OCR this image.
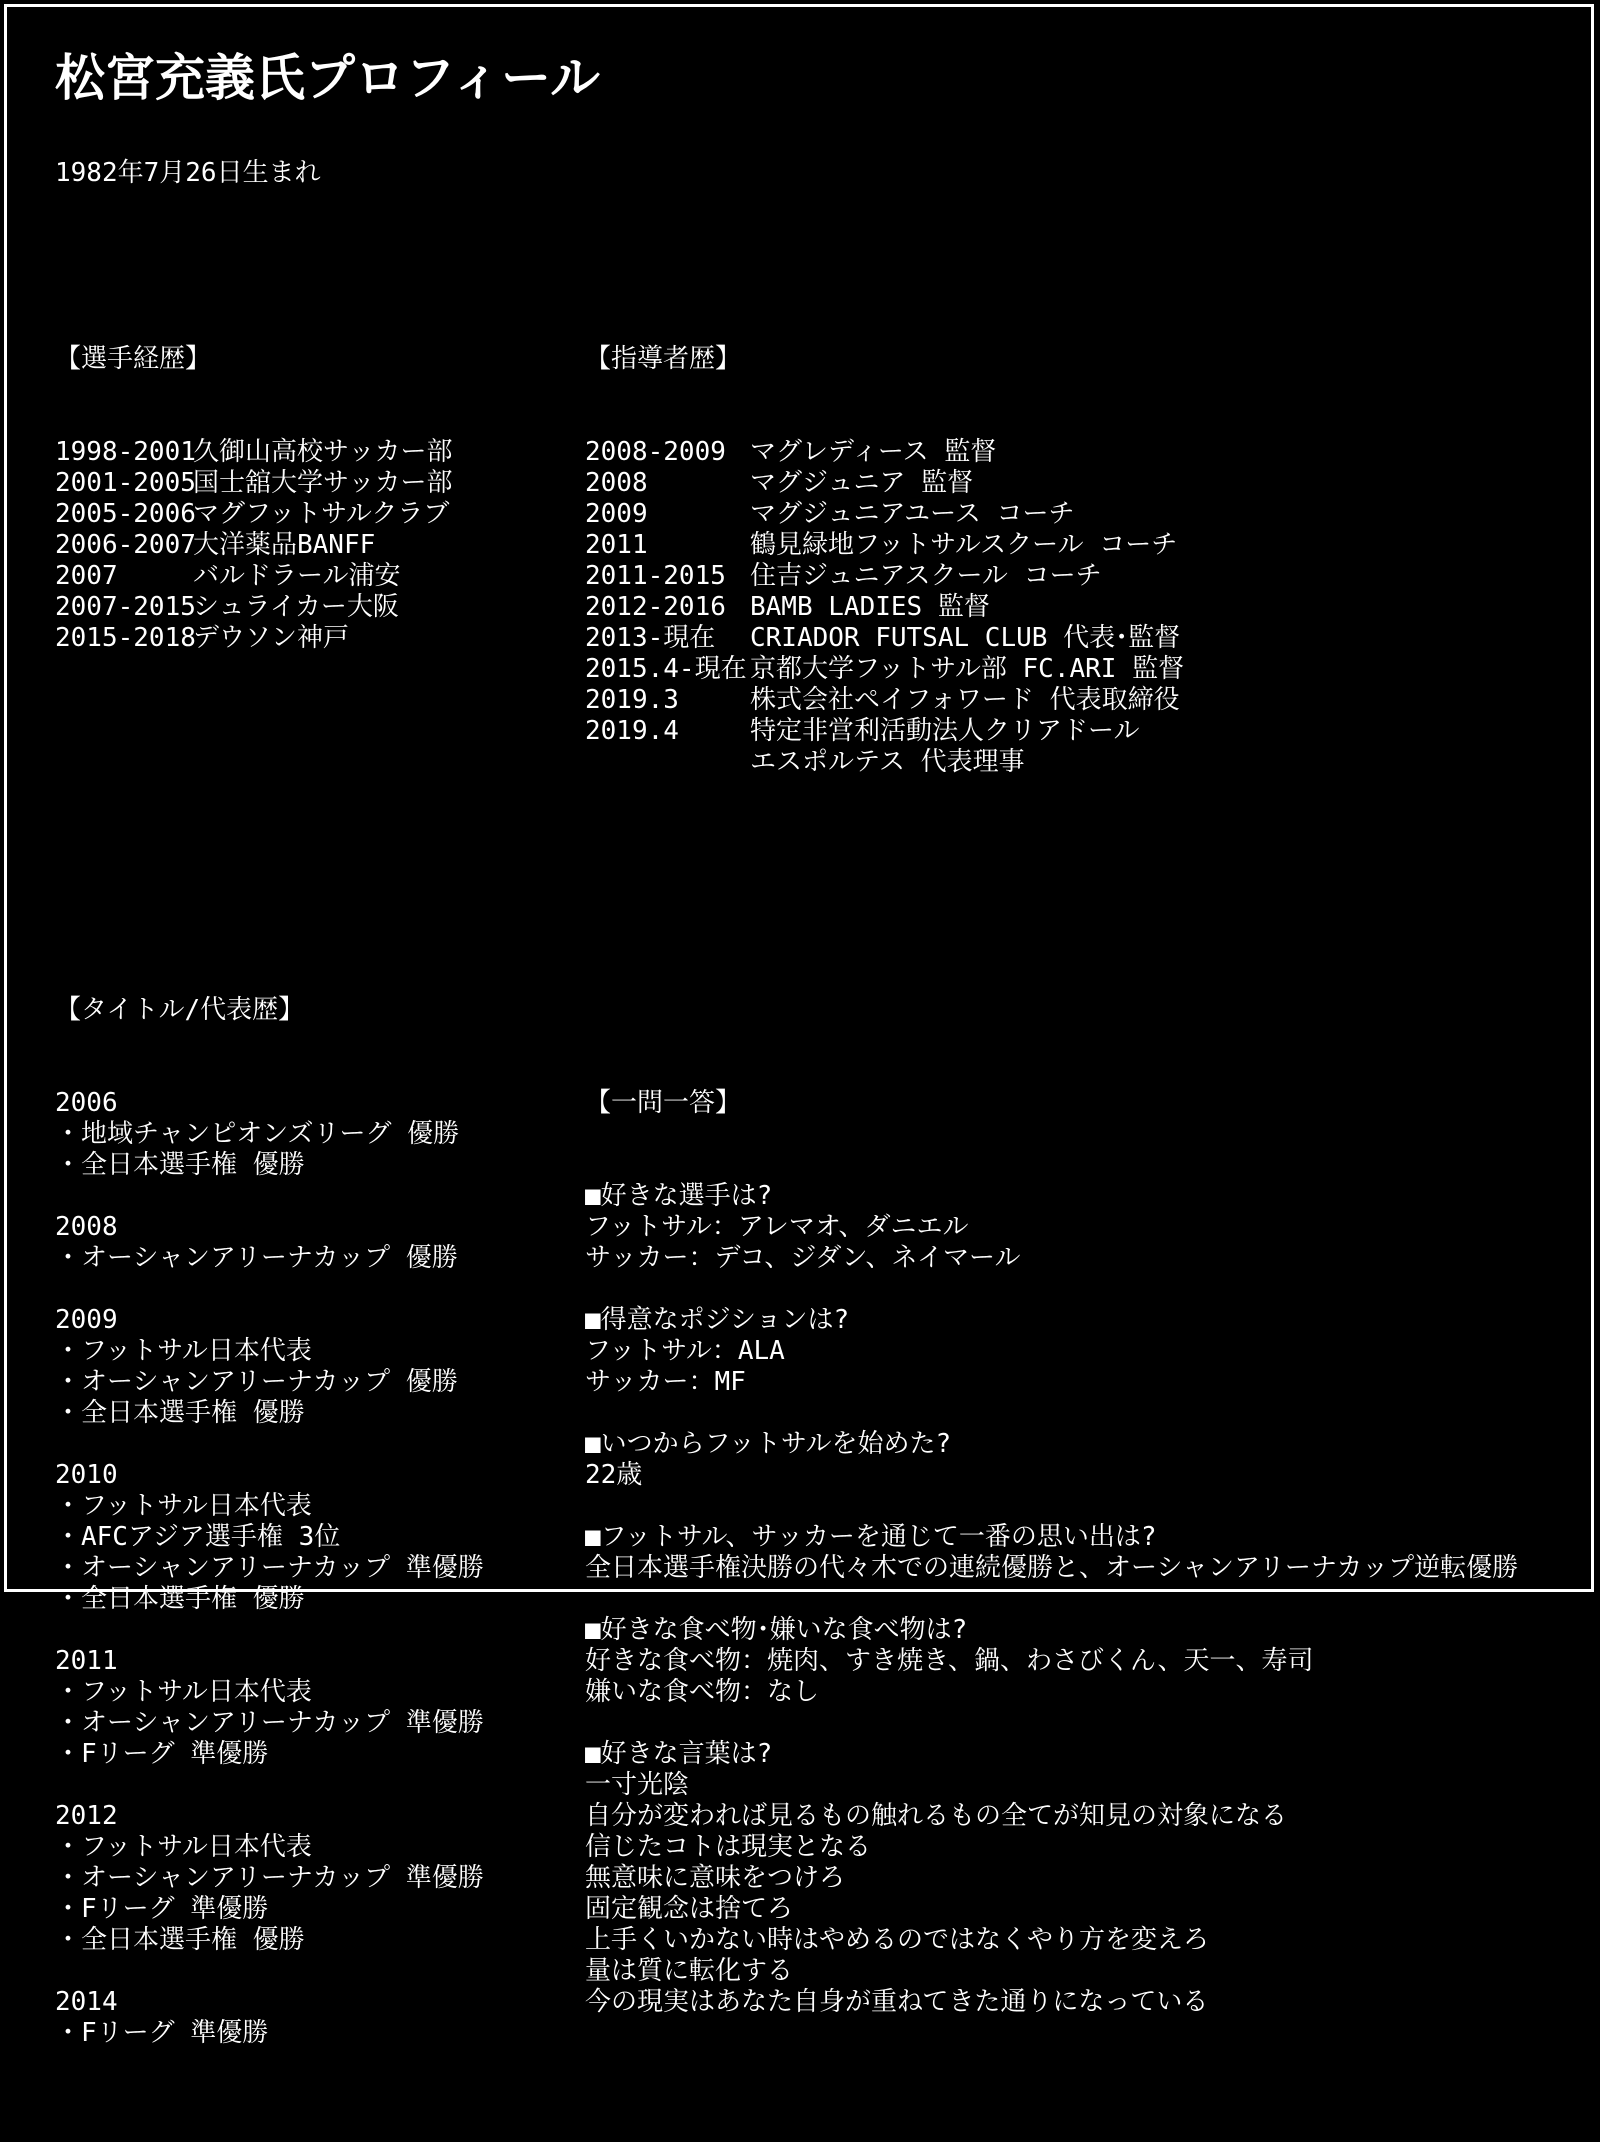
松宮充義氏プロフィール
1982年7月26日生まれ

【選手経歴】

1998-2001久御山高校サッカー部
2001-2005国士舘大学サッカー部
2005-2006マグフットサルクラブ
2006-2007大洋薬品BANFF
2007	バルドラール浦安
2007-2015シュライカー大阪
2015-2018デウソン神戸

【タイトル/代表歴】

2006
・地域チャンピオンズリーグ 優勝
・全日本選手権 優勝
2008
・オーシャンアリーナカップ 優勝
2009
・フットサル日本代表
・オーシャンアリーナカップ 優勝
・全日本選手権 優勝
2010
・フットサル日本代表
・AFCアジア選手権 3位
・オーシャンアリーナカップ 準優勝
・全日本選手権 優勝
2011
・フットサル日本代表
・オーシャンアリーナカップ 準優勝
・Fリーグ 準優勝
2012
・フットサル日本代表
・オーシャンアリーナカップ 準優勝
・Fリーグ 準優勝
・全日本選手権 優勝
2014
・Fリーグ 準優勝

【指導者歴】

2008-2009 マグレディース 監督
2008	マグジュニア 監督
2009	マグジュニアユース コーチ
2011	鶴見緑地フットサルスクール コーチ
2011-2015 住吉ジュニアスクール コーチ
2012-2016 BAMB LADIES 監督
2013-現在 CRIADOR FUTSAL CLUB 代表･監督
2015.4-現在 京都大学フットサル部 FC.ARI 監督
2019.3	株式会社ペイフォワード 代表取締役
2019.4	特定非営利活動法人クリアドール
エスポルテス 代表理事

【一問一答】

■好きな選手は?
フットサル：アレマオ、ダニエル
サッカー：デコ、ジダン、ネイマール
■得意なポジションは?
フットサル：ALA
サッカー：MF
■いつからフットサルを始めた?
22歳
■フットサル、サッカーを通じて一番の思い出は?
全日本選手権決勝の代々木での連続優勝と、オーシャンアリーナカップ逆転優勝
■好きな食べ物･嫌いな食べ物は?
好きな食べ物：焼肉、すき焼き、鍋、わさびくん、天一、寿司
嫌いな食べ物：なし
■好きな言葉は?
一寸光陰
自分が変われば見るもの触れるもの全てが知見の対象になる
信じたコトは現実となる
無意味に意味をつけろ
固定観念は捨てろ
上手くいかない時はやめるのではなくやり方を変えろ
量は質に転化する
今の現実はあなた自身が重ねてきた通りになっている
